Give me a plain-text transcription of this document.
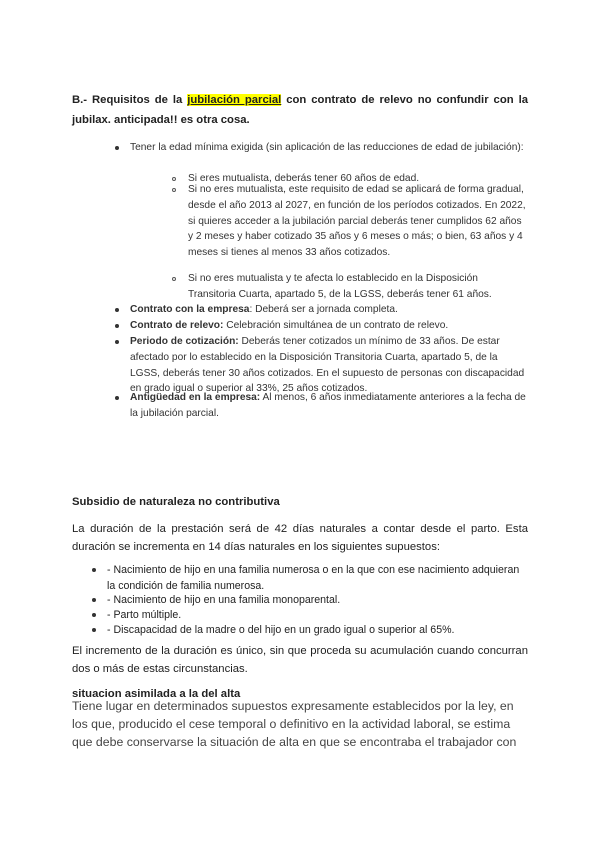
B.- Requisitos de la jubilación parcial con contrato de relevo no confundir con la jubilax. anticipada!! es otra cosa.
Tener la edad mínima exigida (sin aplicación de las reducciones de edad de jubilación):
Si eres mutualista, deberás tener 60 años de edad.
Si no eres mutualista, este requisito de edad se aplicará de forma gradual, desde el año 2013 al 2027, en función de los períodos cotizados. En 2022, si quieres acceder a la jubilación parcial deberás tener cumplidos 62 años y 2 meses y haber cotizado 35 años y 6 meses o más; o bien, 63 años y 4 meses si tienes al menos 33 años cotizados.
Si no eres mutualista y te afecta lo establecido en la Disposición Transitoria Cuarta, apartado 5, de la LGSS, deberás tener 61 años.
Contrato con la empresa: Deberá ser a jornada completa.
Contrato de relevo: Celebración simultánea de un contrato de relevo.
Periodo de cotización: Deberás tener cotizados un mínimo de 33 años. De estar afectado por lo establecido en la Disposición Transitoria Cuarta, apartado 5, de la LGSS, deberás tener 30 años cotizados. En el supuesto de personas con discapacidad en grado igual o superior al 33%, 25 años cotizados.
Antigüedad en la empresa: Al menos, 6 años inmediatamente anteriores a la fecha de la jubilación parcial.
Subsidio de naturaleza no contributiva
La duración de la prestación será de 42 días naturales a contar desde el parto. Esta duración se incrementa en 14 días naturales en los siguientes supuestos:
- Nacimiento de hijo en una familia numerosa o en la que con ese nacimiento adquieran la condición de familia numerosa.
- Nacimiento de hijo en una familia monoparental.
- Parto múltiple.
- Discapacidad de la madre o del hijo en un grado igual o superior al 65%.
El incremento de la duración es único, sin que proceda su acumulación cuando concurran dos o más de estas circunstancias.
situacion asimilada a la del alta
Tiene lugar en determinados supuestos expresamente establecidos por la ley, en los que, producido el cese temporal o definitivo en la actividad laboral, se estima que debe conservarse la situación de alta en que se encontraba el trabajador con
